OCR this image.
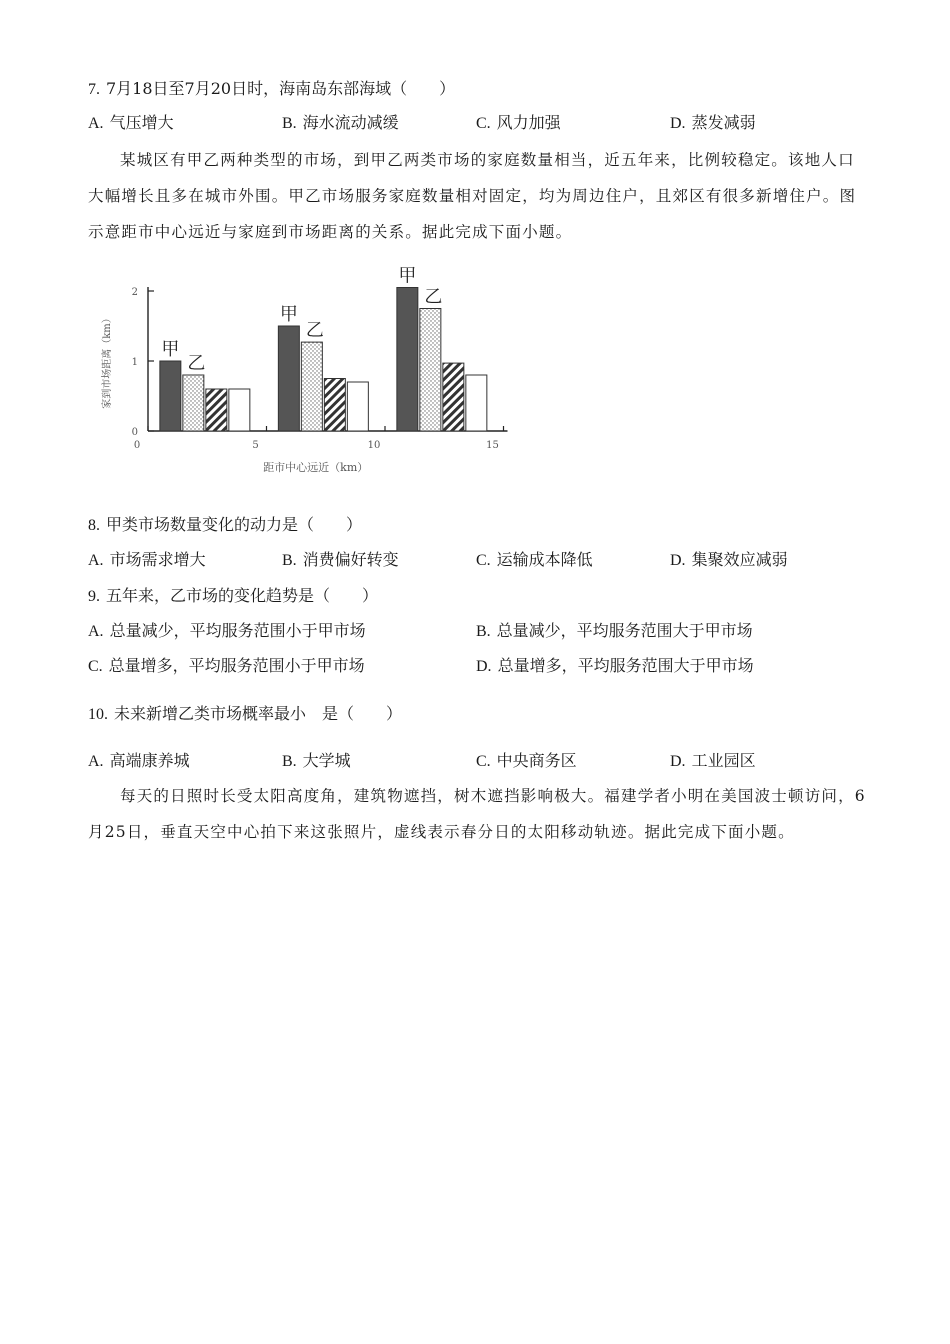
7. 7月18日至7月20日时，海南岛东部海域（　　）
A. 气压增大	B. 海水流动减缓	C. 风力加强	D. 蒸发减弱
某城区有甲乙两种类型的市场，到甲乙两类市场的家庭数量相当，近五年来，比例较稳定。该地人口大幅增长且多在城市外围。甲乙市场服务家庭数量相对固定，均为周边住户，且郊区有很多新增住户。图示意距市中心远近与家庭到市场距离的关系。据此完成下面小题。
0
1
2
0	5	10	15
距市中心远近（km）
家到市场距离（km）	甲
乙
甲
乙
甲
乙
8. 甲类市场数量变化的动力是（　　）
A. 市场需求增大	B. 消费偏好转变	C. 运输成本降低	D. 集聚效应减弱
9. 五年来，乙市场的变化趋势是（　　）
A. 总量减少，平均服务范围小于甲市场	B. 总量减少，平均服务范围大于甲市场
C. 总量增多，平均服务范围小于甲市场	D. 总量增多，平均服务范围大于甲市场
10. 未来新增乙类市场概率最小　是（　　）
A. 高端康养城	B. 大学城	C. 中央商务区	D. 工业园区
每天的日照时长受太阳高度角，建筑物遮挡，树木遮挡影响极大。福建学者小明在美国波士顿访问，6月25日，垂直天空中心拍下来这张照片，虚线表示春分日的太阳移动轨迹。据此完成下面小题。
